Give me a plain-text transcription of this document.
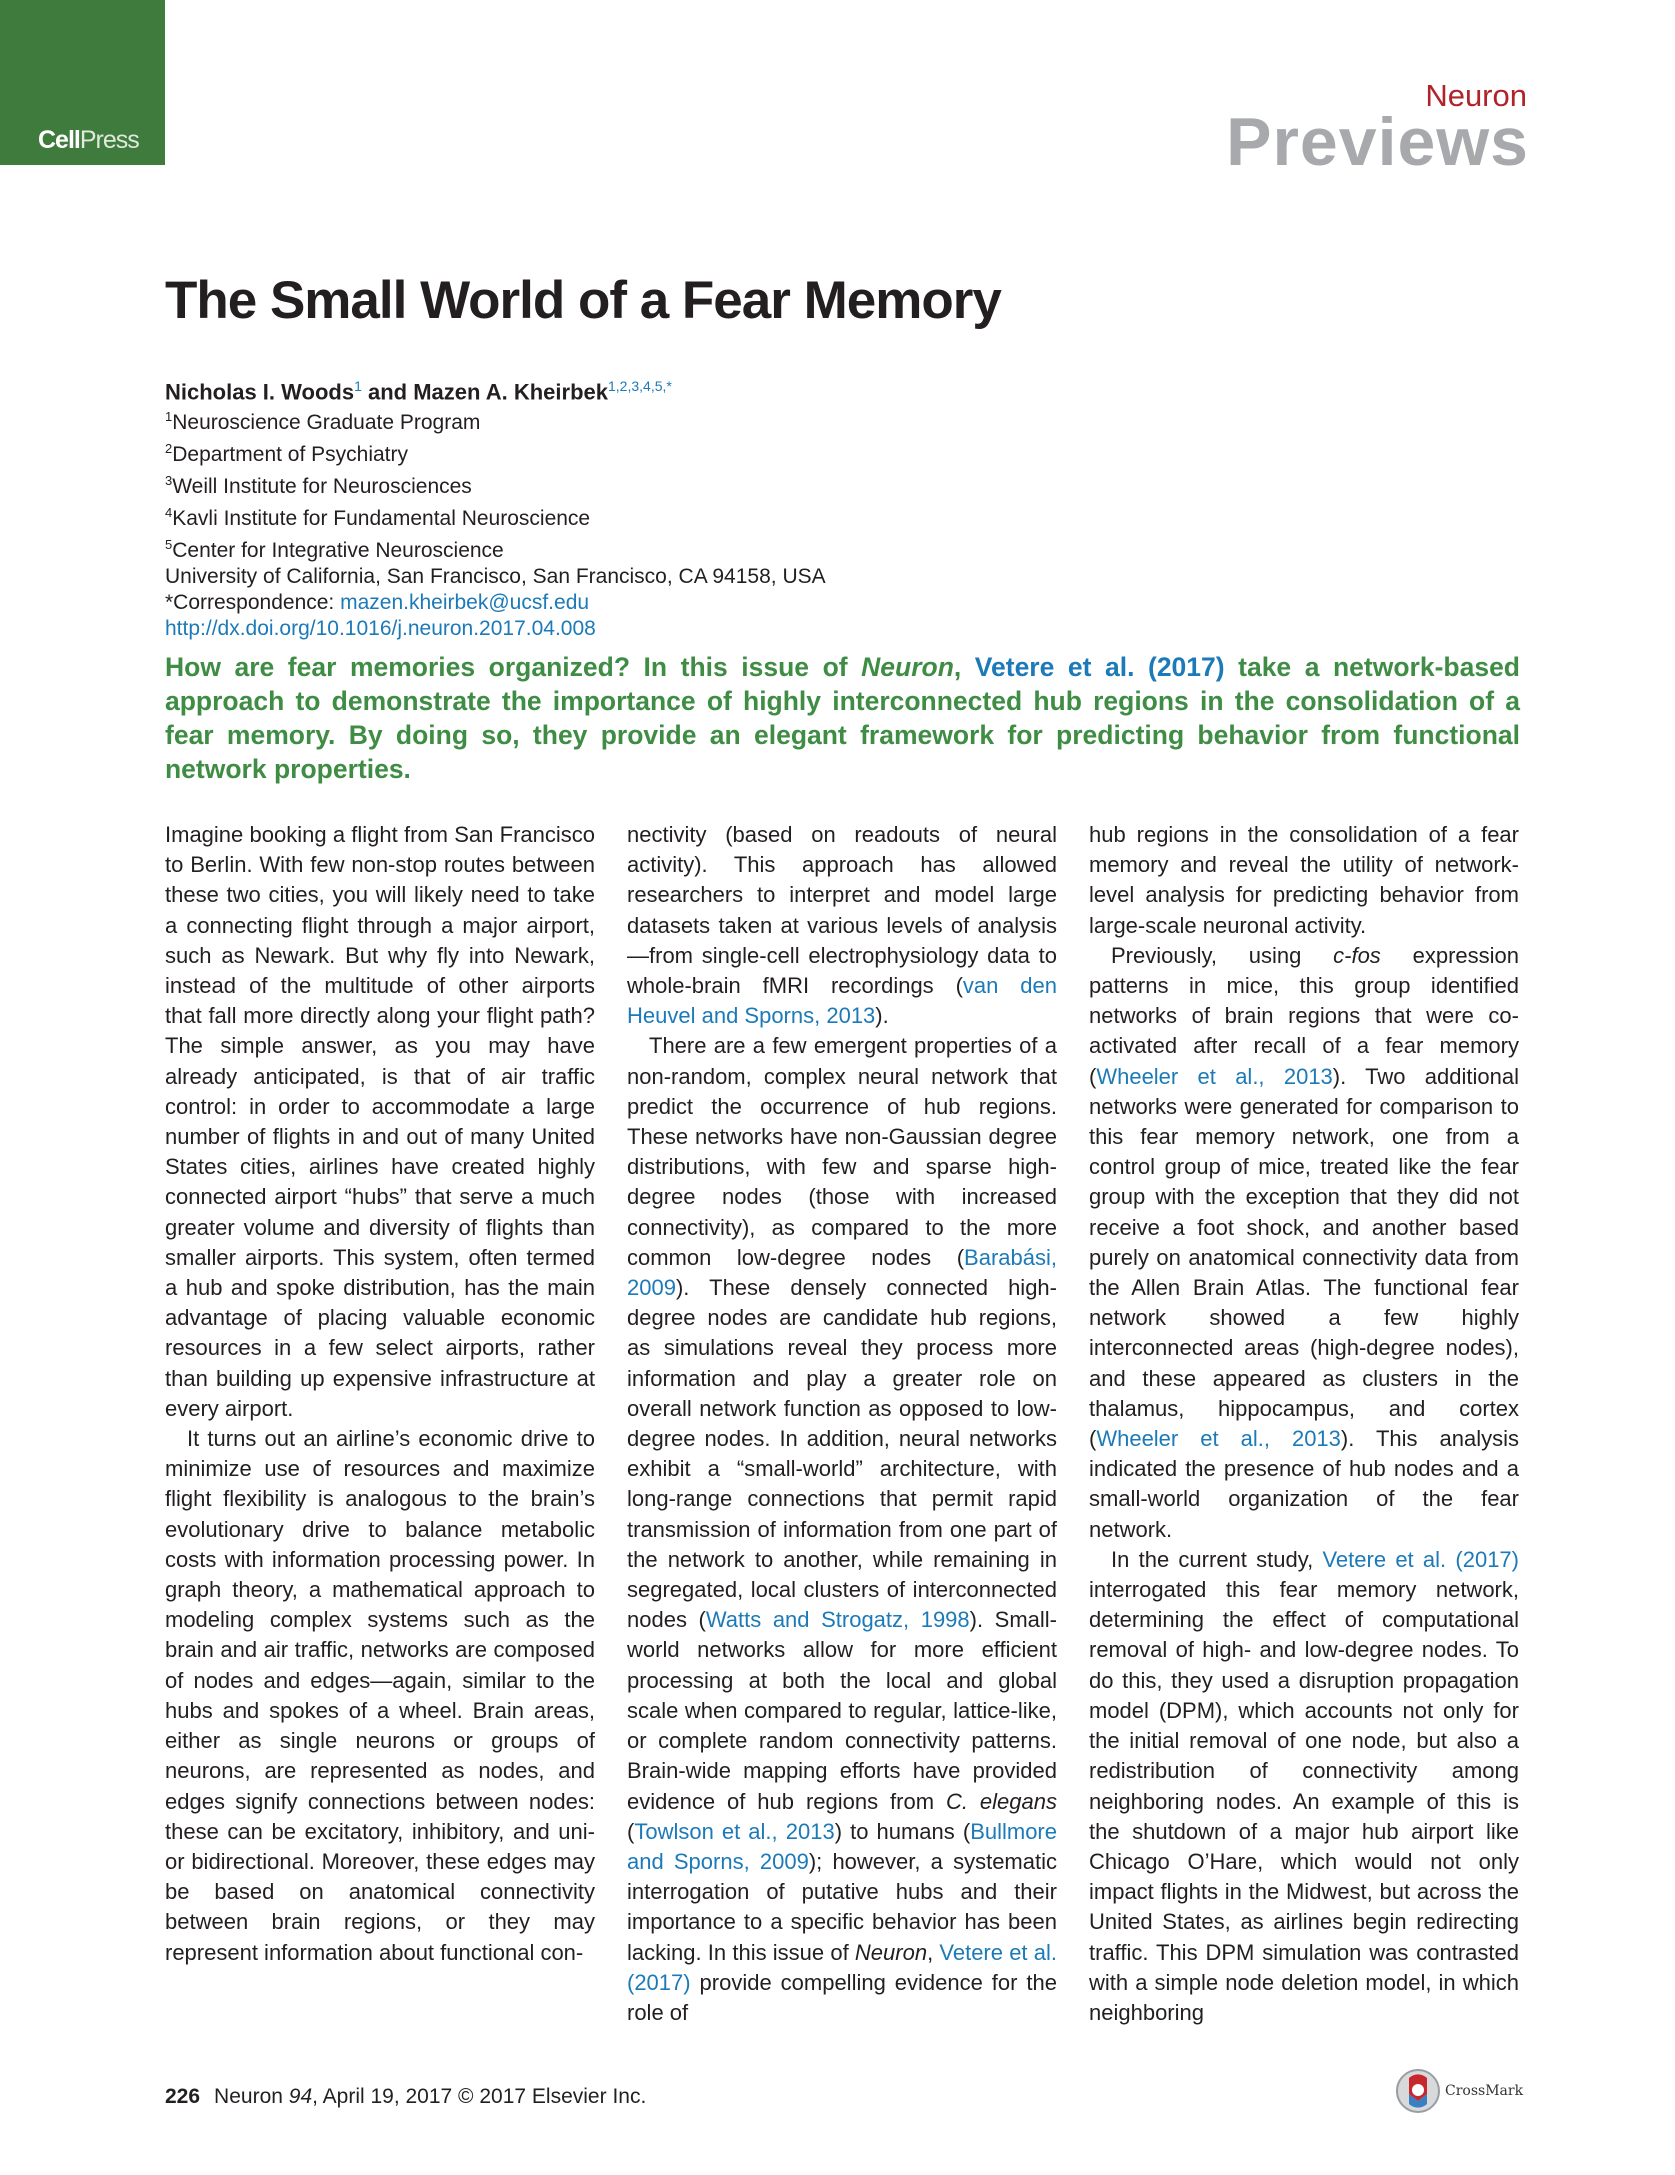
CellPress
Neuron
Previews
The Small World of a Fear Memory
Nicholas I. Woods$^1$ and Mazen A. Kheirbek$^{1,2,3,4,5,*}$
$^1$Neuroscience Graduate Program
$^2$Department of Psychiatry
$^3$Weill Institute for Neurosciences
$^4$Kavli Institute for Fundamental Neuroscience
$^5$Center for Integrative Neuroscience
University of California, San Francisco, San Francisco, CA 94158, USA
*Correspondence: mazen.kheirbek@ucsf.edu
http://dx.doi.org/10.1016/j.neuron.2017.04.008
How are fear memories organized? In this issue of Neuron, Vetere et al. (2017) take a network-based approach to demonstrate the importance of highly interconnected hub regions in the consolidation of a fear memory. By doing so, they provide an elegant framework for predicting behavior from functional network properties.

Imagine booking a flight from San Francisco to Berlin. With few non-stop routes between these two cities, you will likely need to take a connecting flight through a major airport, such as Newark. But why fly into Newark, instead of the multitude of other airports that fall more directly along your flight path? The simple answer, as you may have already anticipated, is that of air traffic control: in order to accommodate a large number of flights in and out of many United States cities, airlines have created highly connected airport “hubs” that serve a much greater volume and diversity of flights than smaller airports. This system, often termed a hub and spoke distribution, has the main advantage of placing valuable economic resources in a few select airports, rather than building up expensive infrastructure at every airport.

It turns out an airline’s economic drive to minimize use of resources and maximize flight flexibility is analogous to the brain’s evolutionary drive to balance metabolic costs with information processing power. In graph theory, a mathematical approach to modeling complex systems such as the brain and air traffic, networks are composed of nodes and edges—again, similar to the hubs and spokes of a wheel. Brain areas, either as single neurons or groups of neurons, are represented as nodes, and edges signify connections between nodes: these can be excitatory, inhibitory, and uni- or bidirectional. Moreover, these edges may be based on anatomical connectivity between brain regions, or they may represent information about functional con-

nectivity (based on readouts of neural activity). This approach has allowed researchers to interpret and model large datasets taken at various levels of analysis—from single-cell electrophysiology data to whole-brain fMRI recordings (van den Heuvel and Sporns, 2013).

There are a few emergent properties of a non-random, complex neural network that predict the occurrence of hub regions. These networks have non-Gaussian degree distributions, with few and sparse high-degree nodes (those with increased connectivity), as compared to the more common low-degree nodes (Barabási, 2009). These densely connected high-degree nodes are candidate hub regions, as simulations reveal they process more information and play a greater role on overall network function as opposed to low-degree nodes. In addition, neural networks exhibit a “small-world” architecture, with long-range connections that permit rapid transmission of information from one part of the network to another, while remaining in segregated, local clusters of interconnected nodes (Watts and Strogatz, 1998). Small-world networks allow for more efficient processing at both the local and global scale when compared to regular, lattice-like, or complete random connectivity patterns. Brain-wide mapping efforts have provided evidence of hub regions from C. elegans (Towlson et al., 2013) to humans (Bullmore and Sporns, 2009); however, a systematic interrogation of putative hubs and their importance to a specific behavior has been lacking. In this issue of Neuron, Vetere et al. (2017) provide compelling evidence for the role of

hub regions in the consolidation of a fear memory and reveal the utility of network-level analysis for predicting behavior from large-scale neuronal activity.

Previously, using c-fos expression patterns in mice, this group identified networks of brain regions that were co-activated after recall of a fear memory (Wheeler et al., 2013). Two additional networks were generated for comparison to this fear memory network, one from a control group of mice, treated like the fear group with the exception that they did not receive a foot shock, and another based purely on anatomical connectivity data from the Allen Brain Atlas. The functional fear network showed a few highly interconnected areas (high-degree nodes), and these appeared as clusters in the thalamus, hippocampus, and cortex (Wheeler et al., 2013). This analysis indicated the presence of hub nodes and a small-world organization of the fear network.

In the current study, Vetere et al. (2017) interrogated this fear memory network, determining the effect of computational removal of high- and low-degree nodes. To do this, they used a disruption propagation model (DPM), which accounts not only for the initial removal of one node, but also a redistribution of connectivity among neighboring nodes. An example of this is the shutdown of a major hub airport like Chicago O’Hare, which would not only impact flights in the Midwest, but across the United States, as airlines begin redirecting traffic. This DPM simulation was contrasted with a simple node deletion model, in which neighboring

226 Neuron 94, April 19, 2017 © 2017 Elsevier Inc.	CrossMark
